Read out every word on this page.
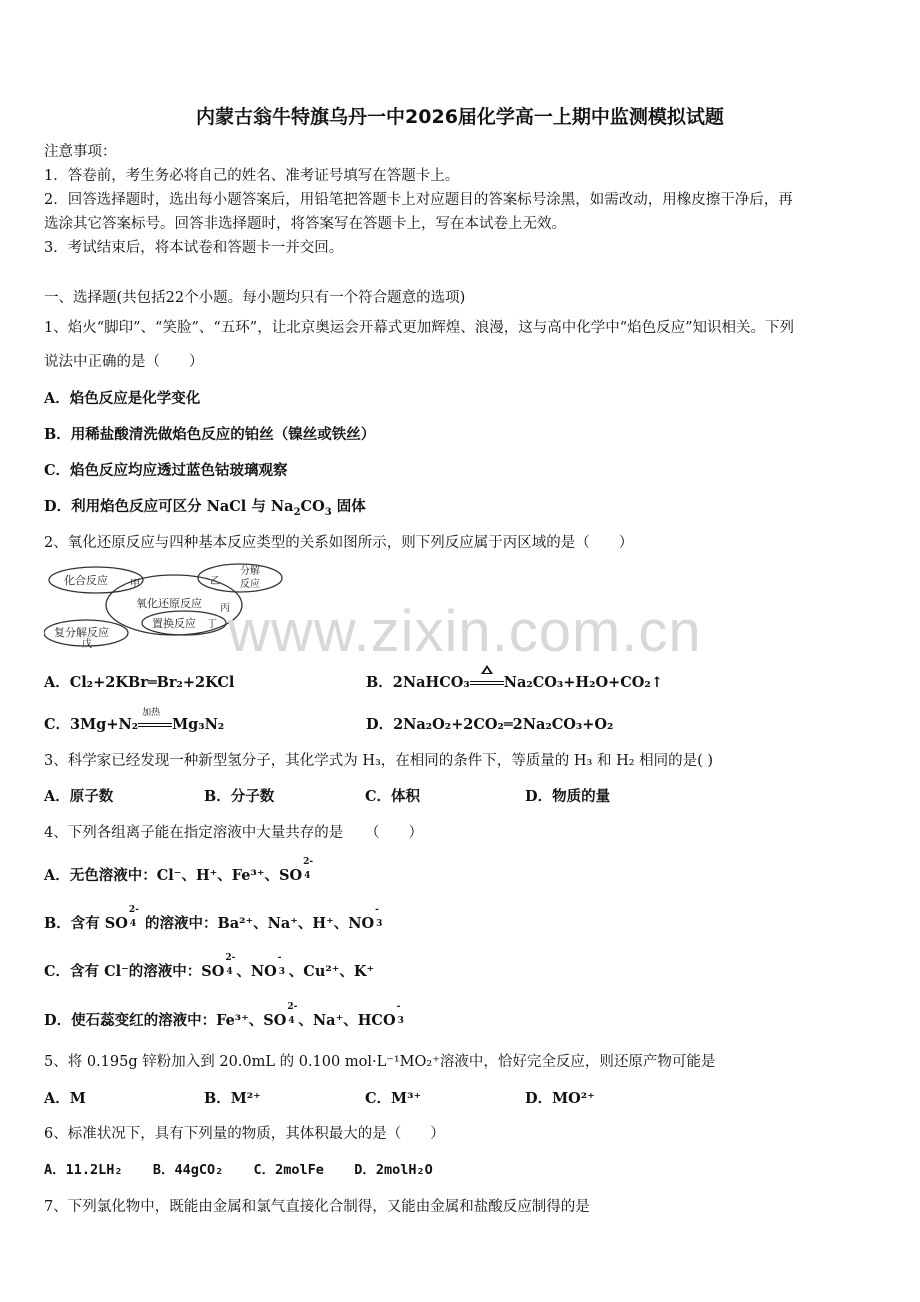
内蒙古翁牛特旗乌丹一中2026届化学高一上期中监测模拟试题
注意事项：
1．答卷前，考生务必将自己的姓名、准考证号填写在答题卡上。
2．回答选择题时，选出每小题答案后，用铅笔把答题卡上对应题目的答案标号涂黑，如需改动，用橡皮擦干净后，再
选涂其它答案标号。回答非选择题时，将答案写在答题卡上，写在本试卷上无效。
3．考试结束后，将本试卷和答题卡一并交回。
一、选择题(共包括22个小题。每小题均只有一个符合题意的选项)
1、焰火“脚印”、“笑脸”、“五环”，让北京奥运会开幕式更加辉煌、浪漫，这与高中化学中“焰色反应”知识相关。下列
说法中正确的是（　　）
A．焰色反应是化学变化
B．用稀盐酸清洗做焰色反应的铂丝（镍丝或铁丝）
C．焰色反应均应透过蓝色钴玻璃观察
D．利用焰色反应可区分 NaCl 与 $Na_2CO_3$ 固体
2、氧化还原反应与四种基本反应类型的关系如图所示，则下列反应属于丙区域的是（　　）
化合反应 甲
分解
反应
乙
氧化还原反应 丙
置换反应 丁
复分解反应
戊 www.zixin.com.cn
A．Cl₂+2KBr═Br₂+2KCl	B．2NaHCO₃ Na₂CO₃+H₂O+CO₂↑
C．3Mg+N₂
加热
Mg₃N₂	D．2Na₂O₂+2CO₂═2Na₂CO₃+O₂
3、科学家已经发现一种新型氢分子，其化学式为 H₃，在相同的条件下，等质量的 H₃ 和 H₂ 相同的是( )
A．原子数	B．分子数	C．体积	D．物质的量
4、下列各组离子能在指定溶液中大量共存的是　　（　　）
A．无色溶液中：Cl⁻、H⁺、Fe³⁺、SO
2-
4
B．含有 SO
2-
4 的溶液中：Ba²⁺、Na⁺、H⁺、NO
-
3
C．含有 Cl⁻的溶液中：SO
2-
4 、NO
-
3 、Cu²⁺、K⁺
D．使石蕊变红的溶液中：Fe³⁺、SO
2-
4 、Na⁺、HCO
-
3
5、将 0.195g 锌粉加入到 20.0mL 的 0.100 mol·L⁻¹MO₂⁺溶液中，恰好完全反应，则还原产物可能是
A．M	B．M²⁺	C．M³⁺	D．MO²⁺
6、标准状况下，具有下列量的物质，其体积最大的是（　　）
A．11.2LH₂ B．44gCO₂ C．2molFe D．2molH₂O
7、下列氯化物中，既能由金属和氯气直接化合制得，又能由金属和盐酸反应制得的是
